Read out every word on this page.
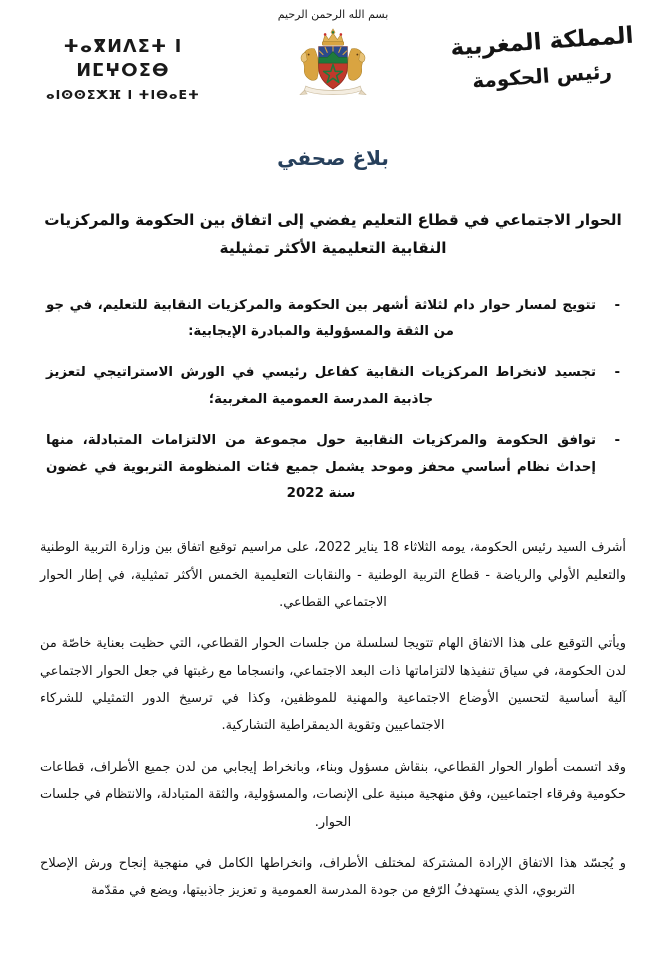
ⵜⴰⴳⵍⴷⵉⵜ ⵏ ⵍⵎⵖⵔⵉⴱ
ⴰⵏⵙⵙⵉⵅⴼ ⵏ ⵜⵏⴱⴰⴹⵜ
بسم الله الرحمن الرحيم
المملكة المغربية
رئيس الحكومة
بلاغ صحفي
الحوار الاجتماعي في قطاع التعليم يفضي إلى اتفاق بين الحكومة والمركزيات النقابية التعليمية الأكثر تمثيلية
-
تتويج لمسار حوار دام لثلاثة أشهر بين الحكومة والمركزيات النقابية للتعليم، في جو من الثقة والمسؤولية والمبادرة الإيجابية:
-
تجسيد لانخراط المركزيات النقابية كفاعل رئيسي في الورش الاستراتيجي لتعزيز جاذبية المدرسة العمومية المغربية؛
-
توافق الحكومة والمركزيات النقابية حول مجموعة من الالتزامات المتبادلة، منها إحداث نظام أساسي محفز وموحد يشمل جميع فئات المنظومة التربوية في غضون سنة 2022

أشرف السيد رئيس الحكومة، يومه الثلاثاء 18 يناير 2022، على مراسيم توقيع اتفاق بين وزارة التربية الوطنية والتعليم الأولي والرياضة - قطاع التربية الوطنية - والنقابات التعليمية الخمس الأكثر تمثيلية، في إطار الحوار الاجتماعي القطاعي.

ويأتي التوقيع على هذا الاتفاق الهام تتويجا لسلسلة من جلسات الحوار القطاعي، التي حظيت بعناية خاصّة من لدن الحكومة، في سياق تنفيذها لالتزاماتها ذات البعد الاجتماعي، وانسجاما مع رغبتها في جعل الحوار الاجتماعي آلية أساسية لتحسين الأوضاع الاجتماعية والمهنية للموظفين، وكذا في ترسيخ الدور التمثيلي للشركاء الاجتماعيين وتقوية الديمقراطية التشاركية.

وقد اتسمت أطوار الحوار القطاعي، بنقاش مسؤول وبناء، وبانخراط إيجابي من لدن جميع الأطراف، قطاعات حكومية وفرقاء اجتماعيين، وفق منهجية مبنية على الإنصات، والمسؤولية، والثقة المتبادلة، والانتظام في جلسات الحوار.

و يُجسّد هذا الاتفاق الإرادة المشتركة لمختلف الأطراف، وانخراطها الكامل في منهجية إنجاح ورش الإصلاح التربوي، الذي يستهدفُ الرّفع من جودة المدرسة العمومية و تعزيز جاذبيتها، ويضع في مقدّمة
